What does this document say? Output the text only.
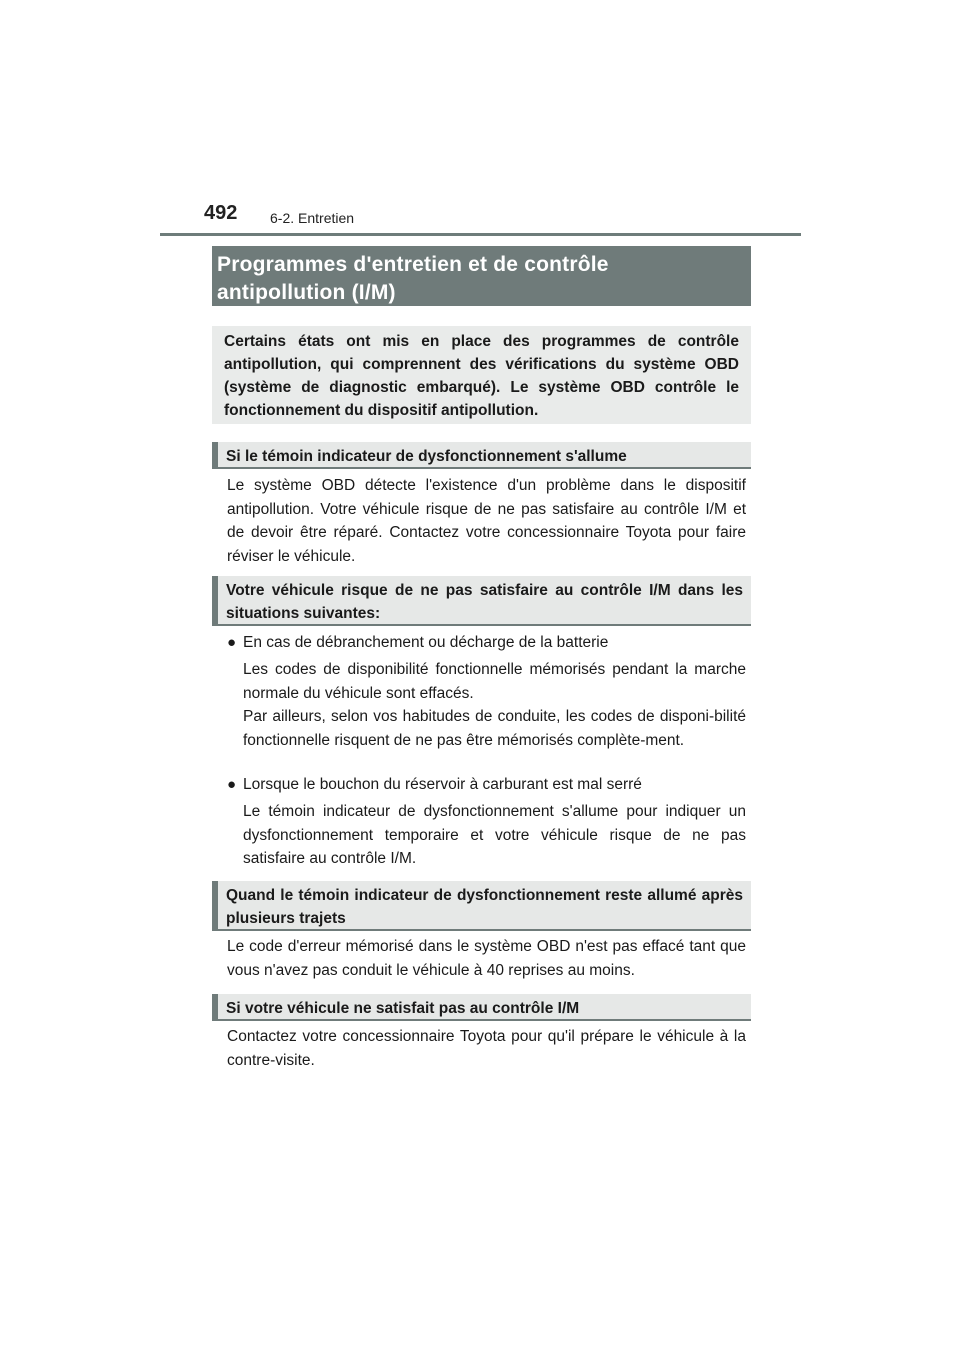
492 6-2. Entretien
Programmes d'entretien et de contrôle
antipollution (I/M)
Certains états ont mis en place des programmes de contrôle antipollution, qui comprennent des vérifications du système OBD (système de diagnostic embarqué). Le système OBD contrôle le fonctionnement du dispositif antipollution.
Si le témoin indicateur de dysfonctionnement s'allume
Le système OBD détecte l'existence d'un problème dans le dispositif antipollution. Votre véhicule risque de ne pas satisfaire au contrôle I/M et de devoir être réparé. Contactez votre concessionnaire Toyota pour faire réviser le véhicule.
Votre véhicule risque de ne pas satisfaire au contrôle I/M dans les situations suivantes:
● En cas de débranchement ou décharge de la batterie

Les codes de disponibilité fonctionnelle mémorisés pendant la marche normale du véhicule sont effacés.

Par ailleurs, selon vos habitudes de conduite, les codes de disponi-bilité fonctionnelle risquent de ne pas être mémorisés complète-ment.

● Lorsque le bouchon du réservoir à carburant est mal serré

Le témoin indicateur de dysfonctionnement s'allume pour indiquer un dysfonctionnement temporaire et votre véhicule risque de ne pas satisfaire au contrôle I/M.

Quand le témoin indicateur de dysfonctionnement reste allumé après plusieurs trajets
Le code d'erreur mémorisé dans le système OBD n'est pas effacé tant que vous n'avez pas conduit le véhicule à 40 reprises au moins.
Si votre véhicule ne satisfait pas au contrôle I/M
Contactez votre concessionnaire Toyota pour qu'il prépare le véhicule à la contre-visite.
